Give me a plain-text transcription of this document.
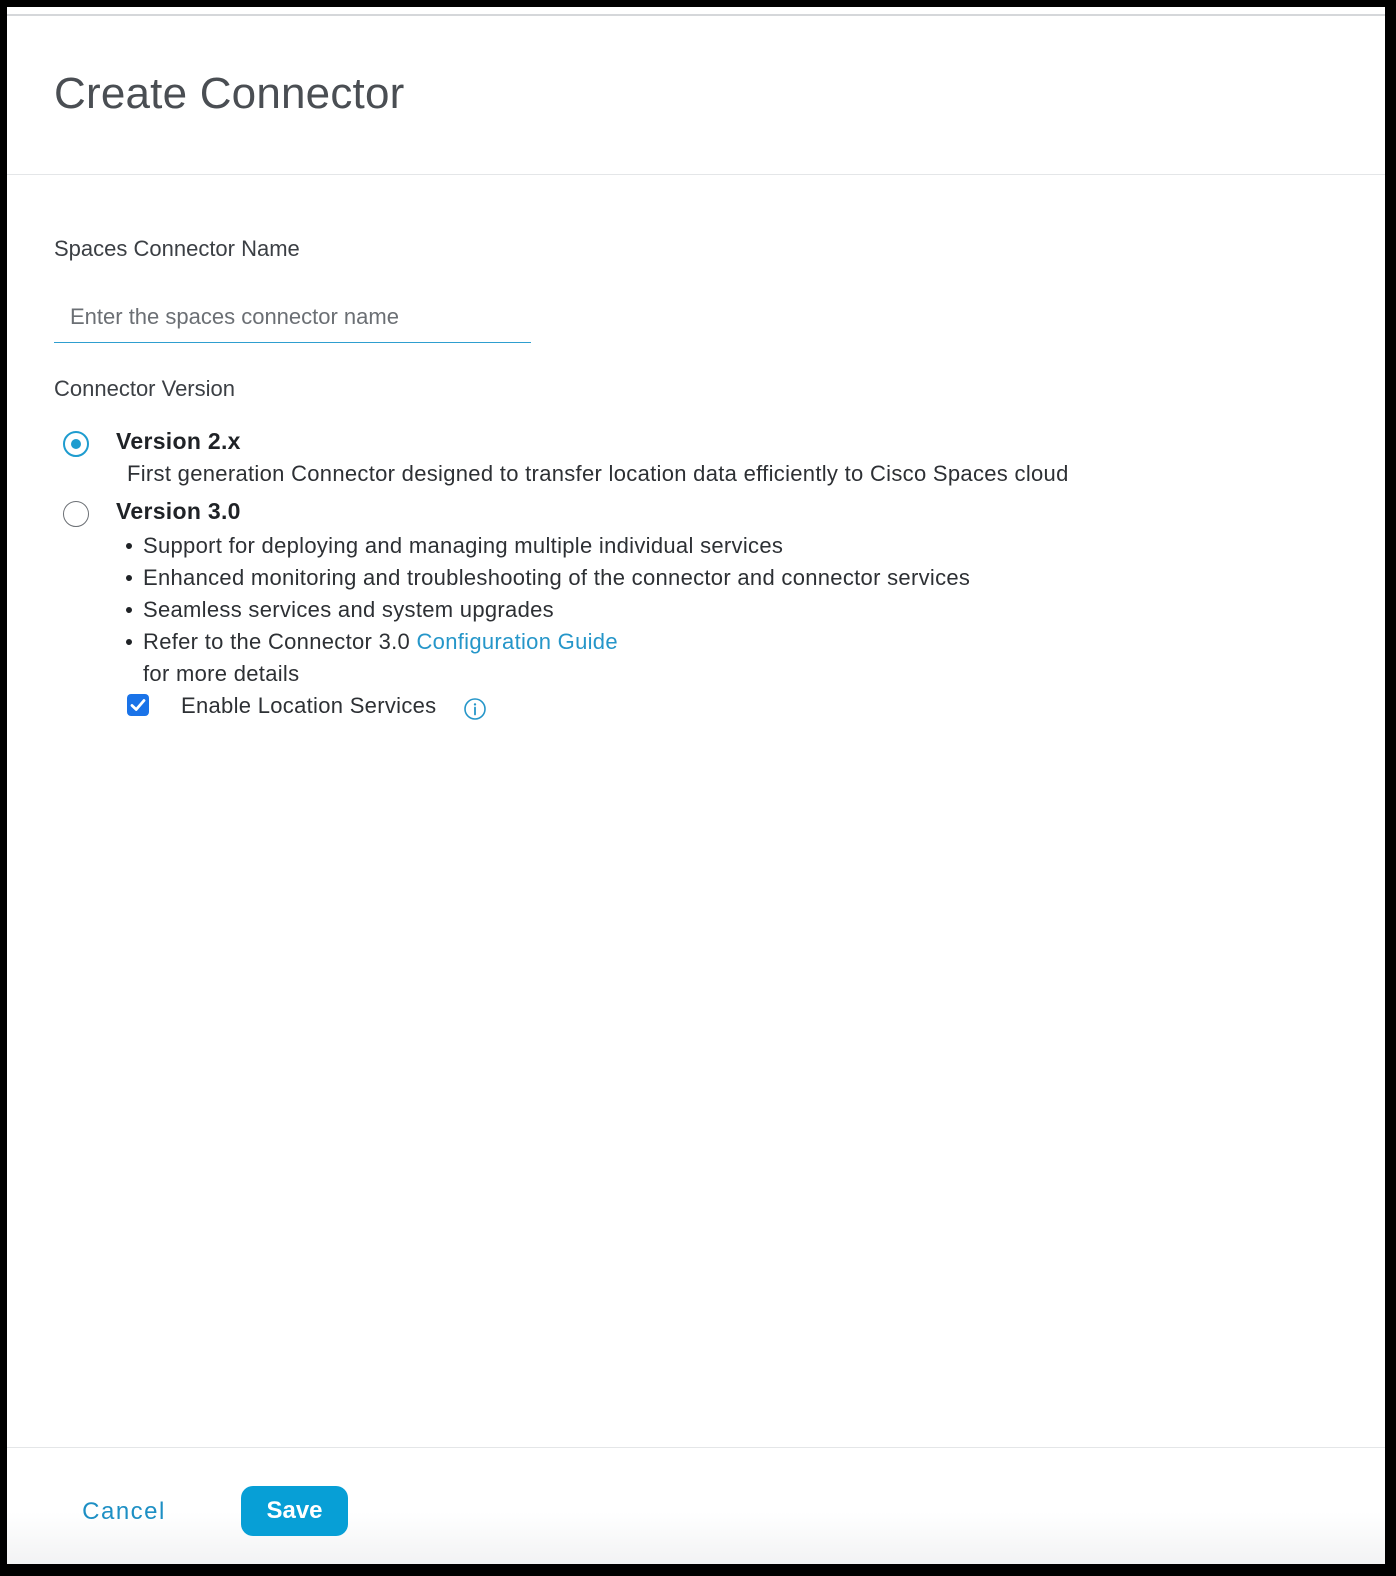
Create Connector
Spaces Connector Name
Enter the spaces connector name
Connector Version
Version 2.x
First generation Connector designed to transfer location data efficiently to Cisco Spaces cloud
Version 3.0
Support for deploying and managing multiple individual services
Enhanced monitoring and troubleshooting of the connector and connector services
Seamless services and system upgrades
Refer to the Connector 3.0 Configuration Guide
for more details
Enable Location Services
Cancel	Save
